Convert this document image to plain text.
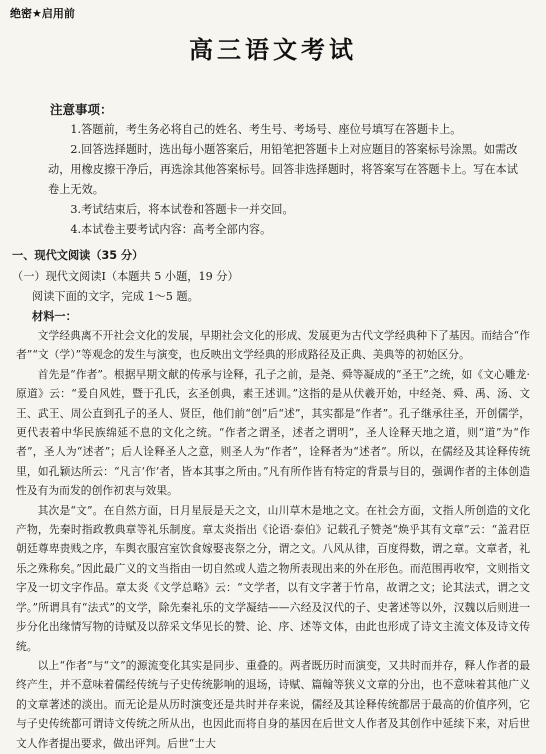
绝密★启用前
高三语文考试
注意事项：

1.答题前，考生务必将自己的姓名、考生号、考场号、座位号填写在答题卡上。

2.回答选择题时，选出每小题答案后，用铅笔把答题卡上对应题目的答案标号涂黑。如需改动，用橡皮擦干净后，再选涂其他答案标号。回答非选择题时，将答案写在答题卡上。写在本试卷上无效。

3.考试结束后，将本试卷和答题卡一并交回。

4.本试卷主要考试内容：高考全部内容。

一、现代文阅读（35 分）
（一）现代文阅读Ⅰ（本题共 5 小题，19 分）
阅读下面的文字，完成 1～5 题。
材料一：

文学经典离不开社会文化的发展，早期社会文化的形成、发展更为古代文学经典种下了基因。而结合“作者”“文（学）”等观念的发生与演变，也反映出文学经典的形成路径及正典、美典等的初始区分。

首先是“作者”。根据早期文献的传承与诠释，孔子之前，是尧、舜等凝成的“圣王”之统，如《文心雕龙·原道》云：“爰自风姓，暨于孔氏，玄圣创典，素王述训。”这指的是从伏羲开始，中经尧、舜、禹、汤、文王、武王、周公直到孔子的圣人、贤臣，他们前“创”后“述”，其实都是“作者”。孔子继承往圣，开创儒学，更代表着中华民族绵延不息的文化之统。“作者之谓圣，述者之谓明”，圣人诠释天地之道，则“道”为“作者”，圣人为“述者”；后人诠释圣人之意，则圣人为“作者”，诠释者为“述者”。所以，在儒经及其诠释传统里，如孔颖达所云：“凡言‘作’者，皆本其事之所由。”凡有所作皆有特定的背景与目的，强调作者的主体创造性及有为而发的创作初衷与效果。

其次是“文”。在自然方面，日月星辰是天之文，山川草木是地之文。在社会方面，文指人所创造的文化产物，先秦时指政教典章等礼乐制度。章太炎指出《论语·泰伯》记载孔子赞尧“焕乎其有文章”云：“盖君臣朝廷尊卑贵贱之序，车舆衣服宫室饮食嫁娶丧祭之分，谓之文。八风从律，百度得数，谓之章。文章者，礼乐之殊称矣。”因此最广义的文当指由一切自然或人造之物所表现出来的外在形色。而范围再收窄，文则指文字及一切文字作品。章太炎《文学总略》云：“文学者，以有文字著于竹帛，故谓之文；论其法式，谓之文学。”所谓具有“法式”的文学，除先秦礼乐的文学凝结——六经及汉代的子、史著述等以外，汉魏以后则进一步分化出缘情写物的诗赋及以辞采文华见长的赞、论、序、述等文体，由此也形成了诗文主流文体及诗文传统。

以上“作者”与“文”的源流变化其实是同步、重叠的。两者既历时而演变，又共时而并存，释人作者的最终产生，并不意味着儒经传统与子史传统影响的退场，诗赋、篇翰等狭义文章的分出，也不意味着其他广义的文章著述的淡出。而无论是从历时演变还是共时并存来说，儒经及其诠释传统都居于最高的价值序列，它与子史传统都可谓诗文传统之所从出，也因此而将自身的基因在后世文人作者及其创作中延续下来，对后世文人作者提出要求，做出评判。后世“士大
